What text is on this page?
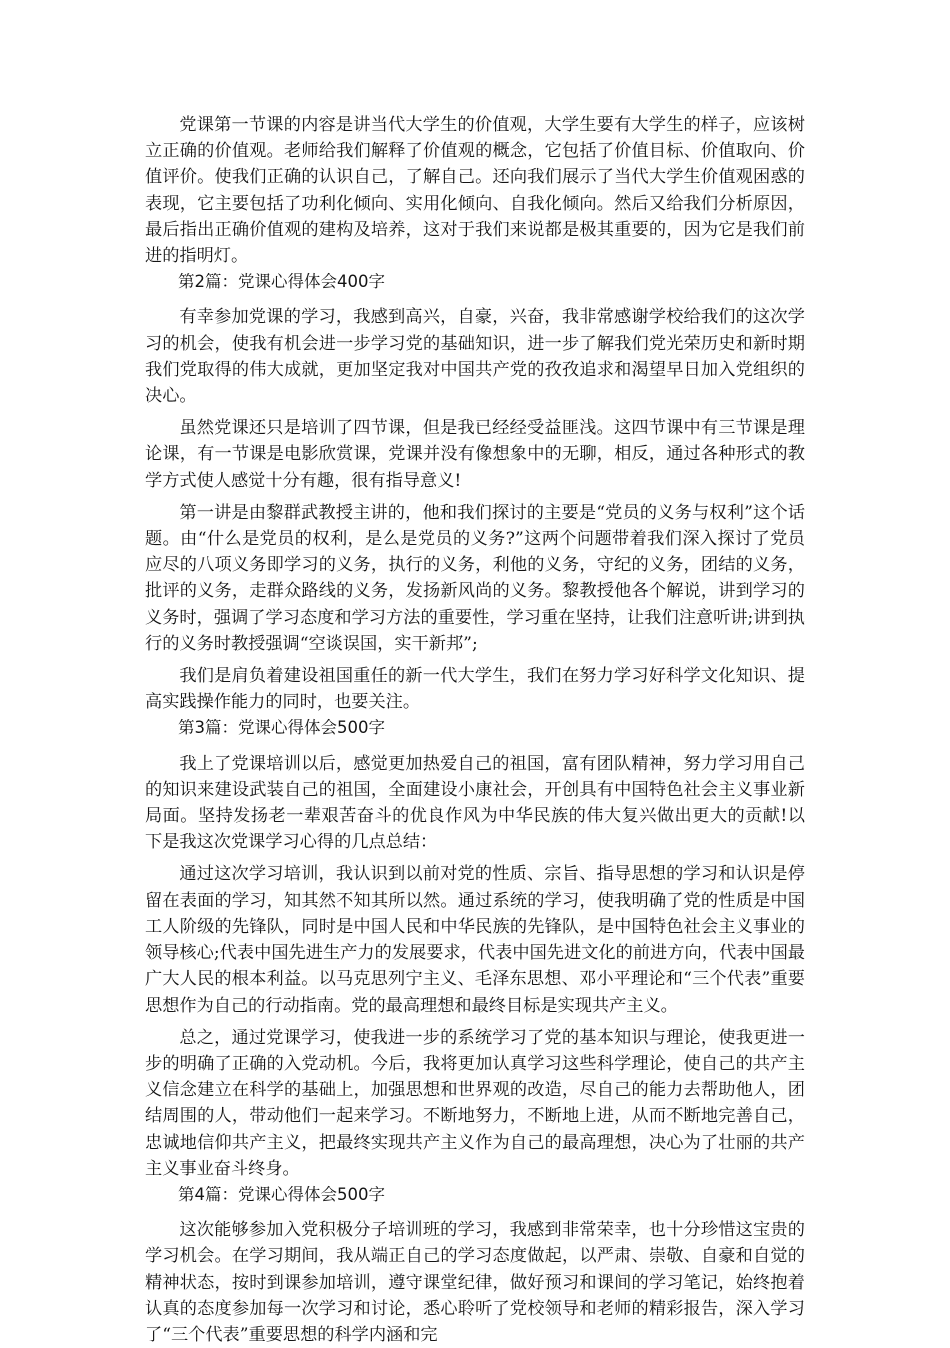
党课第一节课的内容是讲当代大学生的价值观，大学生要有大学生的样子，应该树立正确的价值观。老师给我们解释了价值观的概念，它包括了价值目标、价值取向、价值评价。使我们正确的认识自己，了解自己。还向我们展示了当代大学生价值观困惑的表现，它主要包括了功利化倾向、实用化倾向、自我化倾向。然后又给我们分析原因，最后指出正确价值观的建构及培养，这对于我们来说都是极其重要的，因为它是我们前进的指明灯。

第2篇：党课心得体会400字

有幸参加党课的学习，我感到高兴，自豪，兴奋，我非常感谢学校给我们的这次学习的机会，使我有机会进一步学习党的基础知识，进一步了解我们党光荣历史和新时期我们党取得的伟大成就，更加坚定我对中国共产党的孜孜追求和渴望早日加入党组织的决心。

虽然党课还只是培训了四节课，但是我已经经受益匪浅。这四节课中有三节课是理论课，有一节课是电影欣赏课，党课并没有像想象中的无聊，相反，通过各种形式的教学方式使人感觉十分有趣，很有指导意义!

第一讲是由黎群武教授主讲的，他和我们探讨的主要是“党员的义务与权利”这个话题。由“什么是党员的权利，是么是党员的义务?”这两个问题带着我们深入探讨了党员应尽的八项义务即学习的义务，执行的义务，利他的义务，守纪的义务，团结的义务，批评的义务，走群众路线的义务，发扬新风尚的义务。黎教授他各个解说，讲到学习的义务时，强调了学习态度和学习方法的重要性，学习重在坚持，让我们注意听讲;讲到执行的义务时教授强调“空谈误国，实干新邦”;

我们是肩负着建设祖国重任的新一代大学生，我们在努力学习好科学文化知识、提高实践操作能力的同时，也要关注。

第3篇：党课心得体会500字

我上了党课培训以后，感觉更加热爱自己的祖国，富有团队精神，努力学习用自己的知识来建设武装自己的祖国，全面建设小康社会，开创具有中国特色社会主义事业新局面。坚持发扬老一辈艰苦奋斗的优良作风为中华民族的伟大复兴做出更大的贡献!以下是我这次党课学习心得的几点总结：

通过这次学习培训，我认识到以前对党的性质、宗旨、指导思想的学习和认识是停留在表面的学习，知其然不知其所以然。通过系统的学习，使我明确了党的性质是中国工人阶级的先锋队，同时是中国人民和中华民族的先锋队，是中国特色社会主义事业的领导核心;代表中国先进生产力的发展要求，代表中国先进文化的前进方向，代表中国最广大人民的根本利益。以马克思列宁主义、毛泽东思想、邓小平理论和“三个代表”重要思想作为自己的行动指南。党的最高理想和最终目标是实现共产主义。

总之，通过党课学习，使我进一步的系统学习了党的基本知识与理论，使我更进一步的明确了正确的入党动机。今后，我将更加认真学习这些科学理论，使自己的共产主义信念建立在科学的基础上，加强思想和世界观的改造，尽自己的能力去帮助他人，团结周围的人，带动他们一起来学习。不断地努力，不断地上进，从而不断地完善自己，忠诚地信仰共产主义，把最终实现共产主义作为自己的最高理想，决心为了壮丽的共产主义事业奋斗终身。

第4篇：党课心得体会500字

这次能够参加入党积极分子培训班的学习，我感到非常荣幸，也十分珍惜这宝贵的学习机会。在学习期间，我从端正自己的学习态度做起，以严肃、崇敬、自豪和自觉的精神状态，按时到课参加培训，遵守课堂纪律，做好预习和课间的学习笔记，始终抱着认真的态度参加每一次学习和讨论，悉心聆听了党校领导和老师的精彩报告，深入学习了“三个代表”重要思想的科学内涵和完
